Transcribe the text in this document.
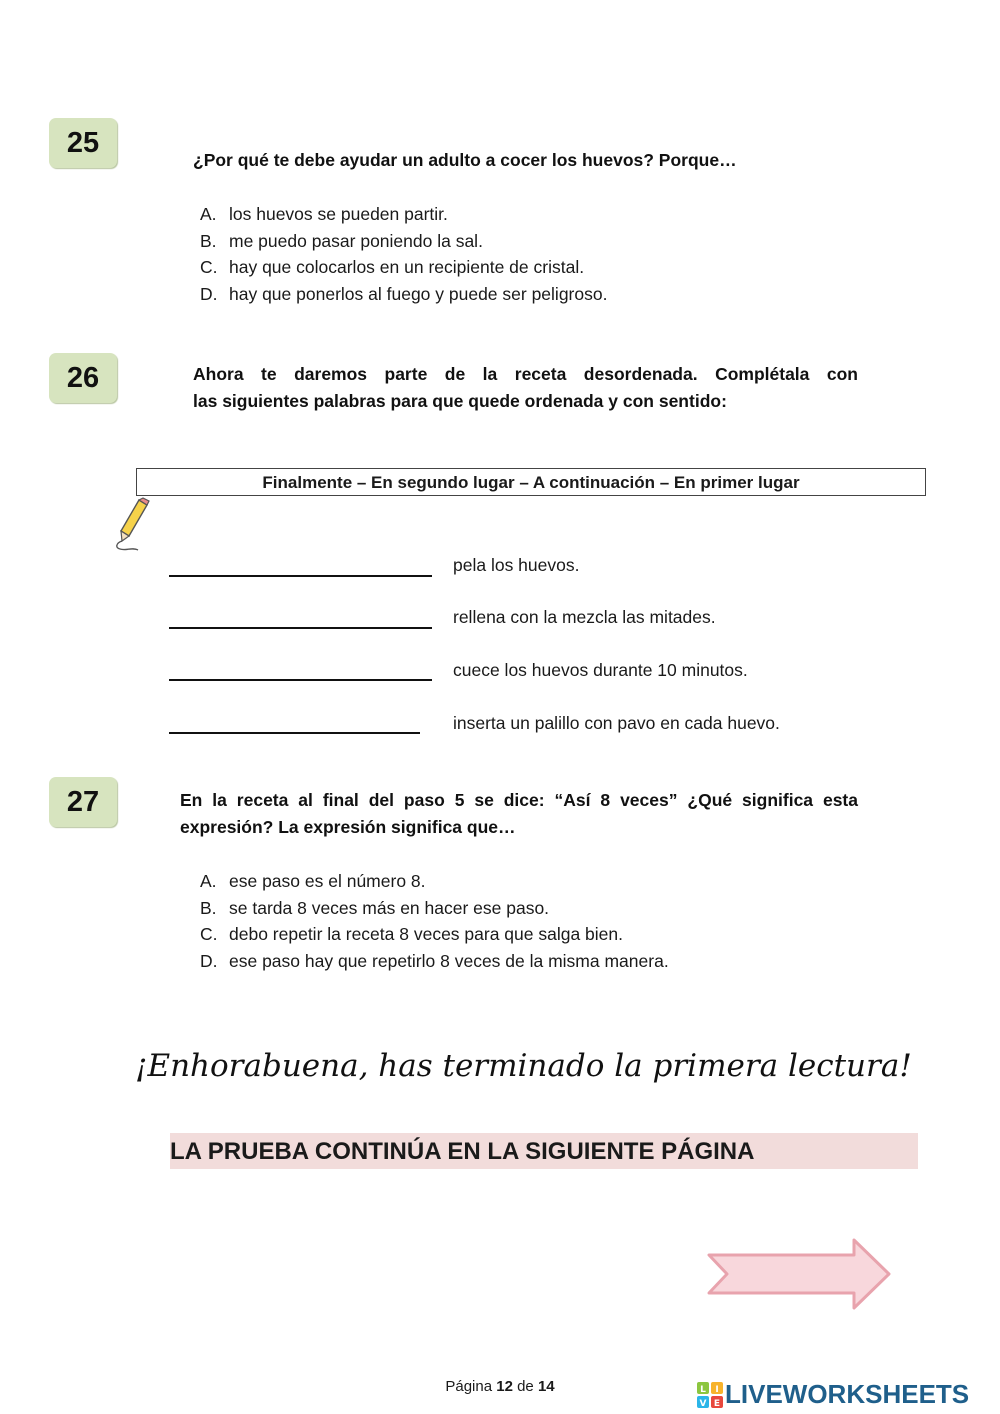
25
¿Por qué te debe ayudar un adulto a cocer los huevos? Porque…
A. los huevos se pueden partir.
B. me puedo pasar poniendo la sal.
C. hay que colocarlos en un recipiente de cristal.
D. hay que ponerlos al fuego y puede ser peligroso.
26	Ahora te daremos parte de la receta desordenada. Complétala con
las siguientes palabras para que quede ordenada y con sentido:
Finalmente – En segundo lugar – A continuación – En primer lugar
pela los huevos.
rellena con la mezcla las mitades.
cuece los huevos durante 10 minutos.
inserta un palillo con pavo en cada huevo.
27	En la receta al final del paso 5 se dice: “Así 8 veces” ¿Qué significa esta
expresión? La expresión significa que…
A. ese paso es el número 8.
B. se tarda 8 veces más en hacer ese paso.
C. debo repetir la receta 8 veces para que salga bien.
D. ese paso hay que repetirlo 8 veces de la misma manera.
¡Enhorabuena, has terminado la primera lectura!
LA PRUEBA CONTINÚA EN LA SIGUIENTE PÁGINA
Página 12 de 14	L I
V E LIVEWORKSHEETS
